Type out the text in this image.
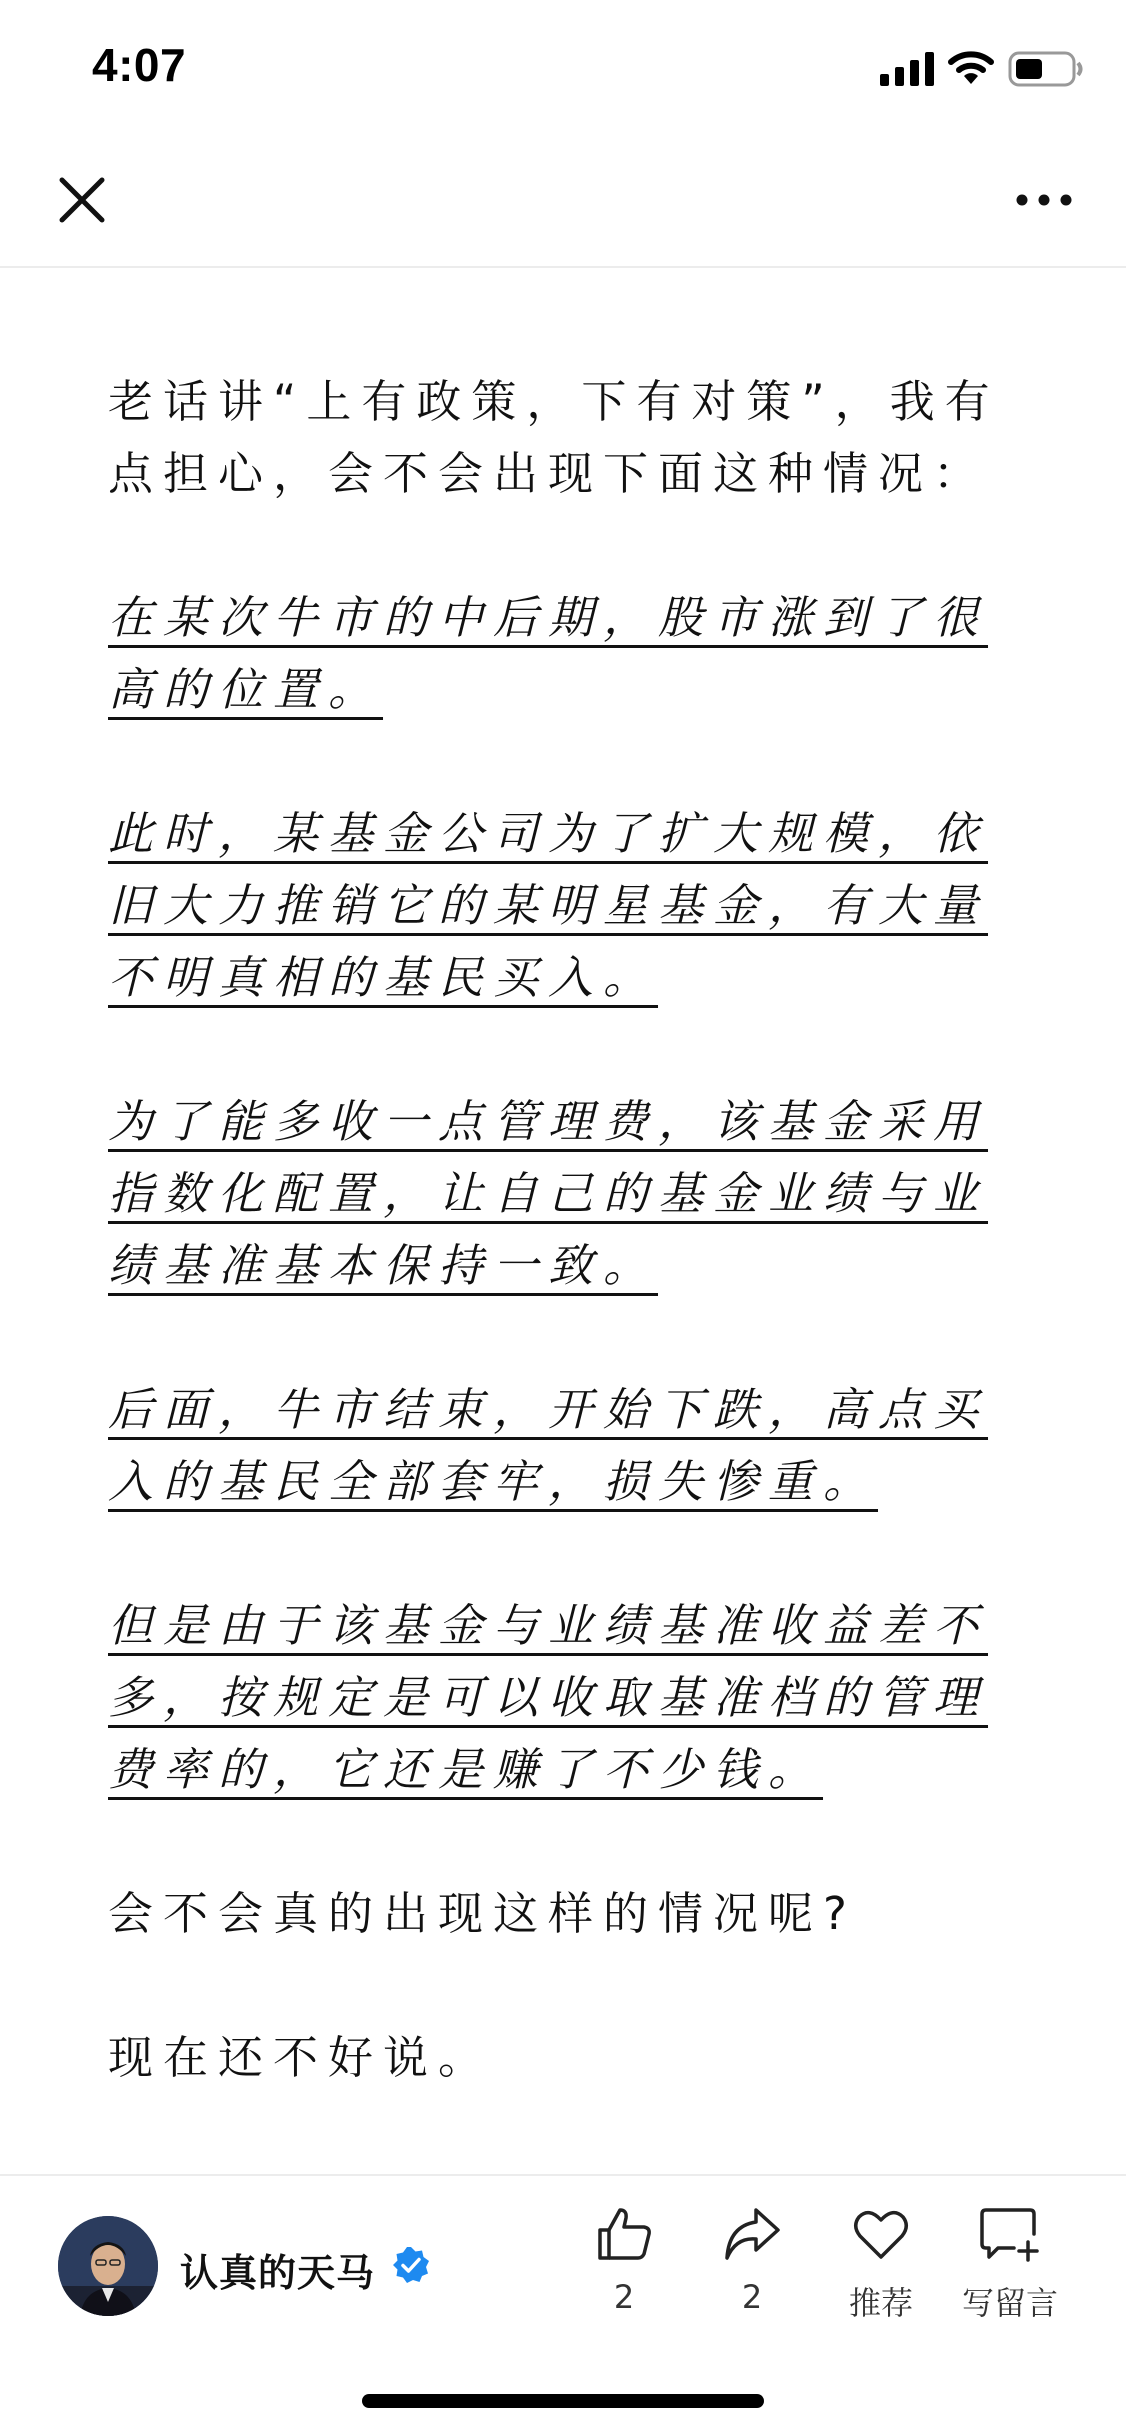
4:07

老话讲“上有政策，下有对策”，我有点担心，会不会出现下面这种情况：

在某次牛市的中后期，股市涨到了很高的位置。

此时，某基金公司为了扩大规模，依旧大力推销它的某明星基金，有大量不明真相的基民买入。

为了能多收一点管理费，该基金采用指数化配置，让自己的基金业绩与业绩基准基本保持一致。

后面，牛市结束，开始下跌，高点买入的基民全部套牢，损失惨重。

但是由于该基金与业绩基准收益差不多，按规定是可以收取基准档的管理费率的，它还是赚了不少钱。

会不会真的出现这样的情况呢?

现在还不好说。

认真的天马
2	2	推荐	写留言
